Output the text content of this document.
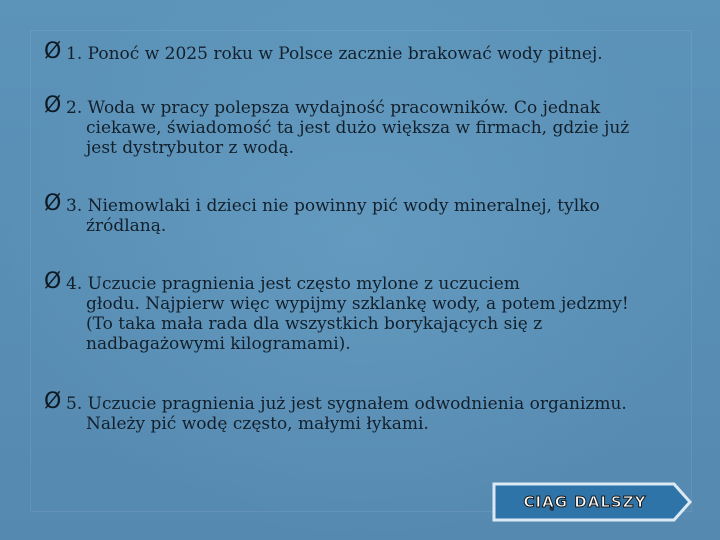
Ø 1. Ponoć w 2025 roku w Polsce zacznie brakować wody pitnej.
Ø 2. Woda w pracy polepsza wydajność pracowników. Co jednak
ciekawe, świadomość ta jest dużo większa w firmach, gdzie już
jest dystrybutor z wodą.
Ø 3. Niemowlaki i dzieci nie powinny pić wody mineralnej, tylko
źródlaną.
Ø 4. Uczucie pragnienia jest często mylone z uczuciem
głodu. Najpierw więc wypijmy szklankę wody, a potem jedzmy!
(To taka mała rada dla wszystkich borykających się z
nadbagażowymi kilogramami).
Ø 5. Uczucie pragnienia już jest sygnałem odwodnienia organizmu.
Należy pić wodę często, małymi łykami.
CIĄG DALSZY
